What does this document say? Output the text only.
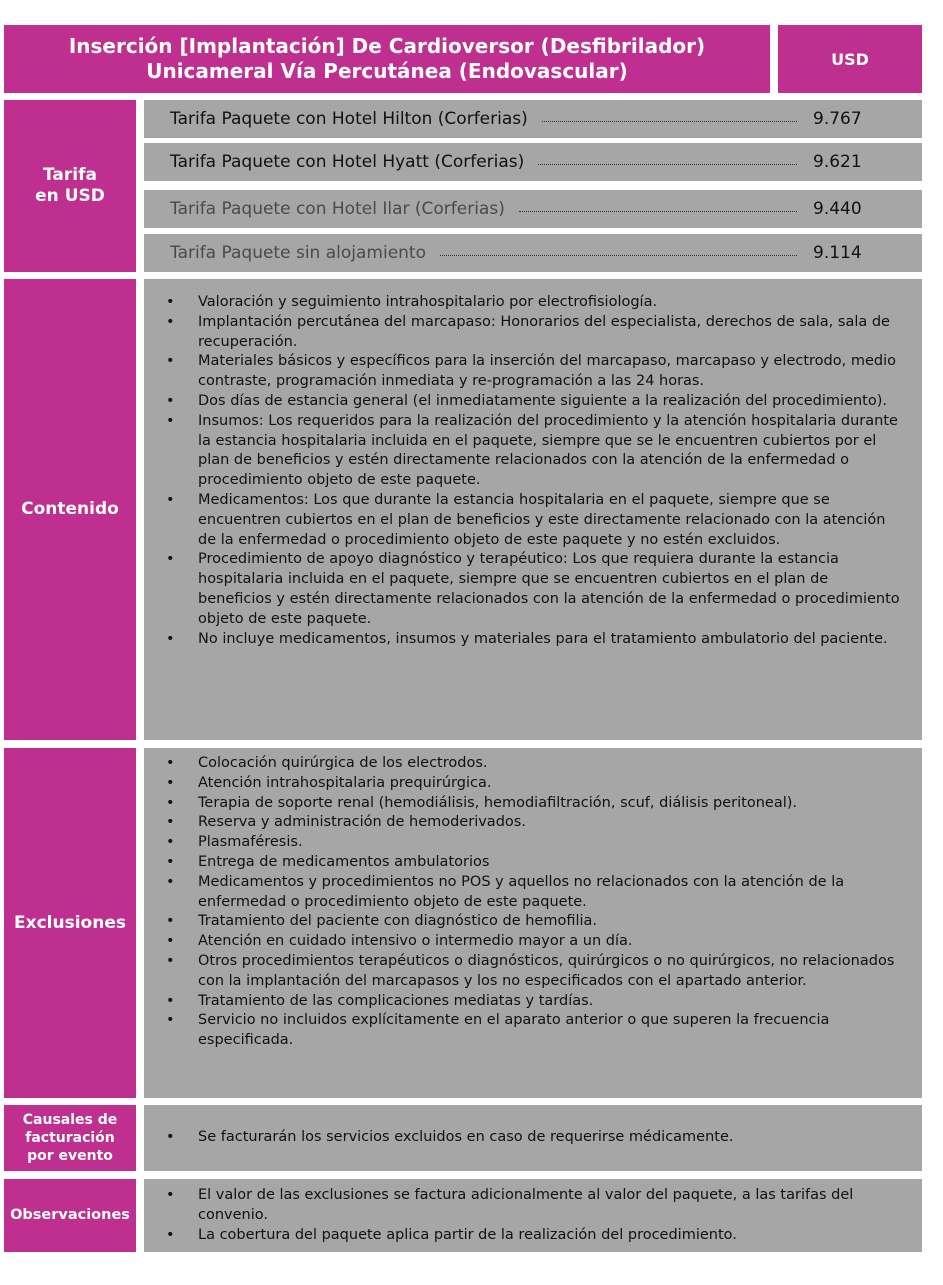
Inserción [Implantación] De Cardioversor (Desfibrilador)
Unicameral Vía Percutánea (Endovascular)	USD
Tarifa
en USD
Tarifa Paquete con Hotel Hilton (Corferias)	9.767
Tarifa Paquete con Hotel Hyatt (Corferias)	9.621
Tarifa Paquete con Hotel Ilar (Corferias)	9.440
Tarifa Paquete sin alojamiento	9.114
Contenido
• Valoración y seguimiento intrahospitalario por electrofisiología.
• Implantación percutánea del marcapaso: Honorarios del especialista, derechos de sala, sala de recuperación.
• Materiales básicos y específicos para la inserción del marcapaso, marcapaso y electrodo, medio contraste, programación inmediata y re-programación a las 24 horas.
• Dos días de estancia general (el inmediatamente siguiente a la realización del procedimiento).
• Insumos: Los requeridos para la realización del procedimiento y la atención hospitalaria durante la estancia hospitalaria incluida en el paquete, siempre que se le encuentren cubiertos por el plan de beneficios y estén directamente relacionados con la atención de la enfermedad o procedimiento objeto de este paquete.
• Medicamentos: Los que durante la estancia hospitalaria en el paquete, siempre que se encuentren cubiertos en el plan de beneficios y este directamente relacionado con la atención de la enfermedad o procedimiento objeto de este paquete y no estén excluidos.
• Procedimiento de apoyo diagnóstico y terapéutico: Los que requiera durante la estancia hospitalaria incluida en el paquete, siempre que se encuentren cubiertos en el plan de beneficios y estén directamente relacionados con la atención de la enfermedad o procedimiento objeto de este paquete.
• No incluye medicamentos, insumos y materiales para el tratamiento ambulatorio del paciente.
Exclusiones
• Colocación quirúrgica de los electrodos.
• Atención intrahospitalaria prequirúrgica.
• Terapia de soporte renal (hemodiálisis, hemodiafiltración, scuf, diálisis peritoneal).
• Reserva y administración de hemoderivados.
• Plasmaféresis.
• Entrega de medicamentos ambulatorios
• Medicamentos y procedimientos no POS y aquellos no relacionados con la atención de la enfermedad o procedimiento objeto de este paquete.
• Tratamiento del paciente con diagnóstico de hemofilia.
• Atención en cuidado intensivo o intermedio mayor a un día.
• Otros procedimientos terapéuticos o diagnósticos, quirúrgicos o no quirúrgicos, no relacionados con la implantación del marcapasos y los no especificados con el apartado anterior.
• Tratamiento de las complicaciones mediatas y tardías.
• Servicio no incluidos explícitamente en el aparato anterior o que superen la frecuencia especificada.
Causales de
facturación
por evento
• Se facturarán los servicios excluidos en caso de requerirse médicamente.
Observaciones
• El valor de las exclusiones se factura adicionalmente al valor del paquete, a las tarifas del convenio.
• La cobertura del paquete aplica partir de la realización del procedimiento.
